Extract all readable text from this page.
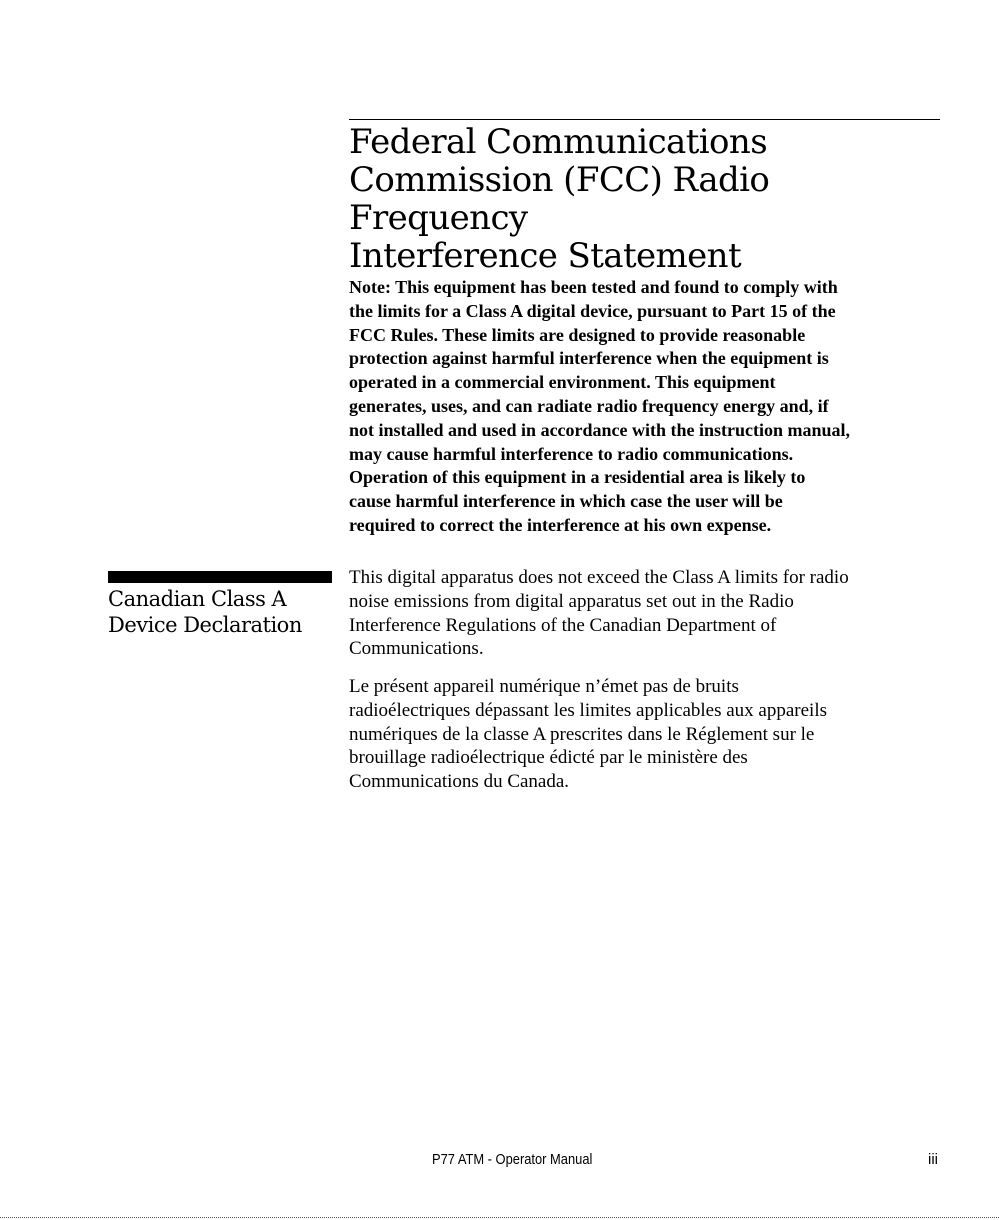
Federal Communications
Commission (FCC) Radio Frequency
Interference Statement

Note: This equipment has been tested and found to comply with
the limits for a Class A digital device, pursuant to Part 15 of the
FCC Rules. These limits are designed to provide reasonable
protection against harmful interference when the equipment is
operated in a commercial environment. This equipment
generates, uses, and can radiate radio frequency energy and, if
not installed and used in accordance with the instruction manual,
may cause harmful interference to radio communications.
Operation of this equipment in a residential area is likely to
cause harmful interference in which case the user will be
required to correct the interference at his own expense.

Canadian Class A
Device Declaration

This digital apparatus does not exceed the Class A limits for radio
noise emissions from digital apparatus set out in the Radio
Interference Regulations of the Canadian Department of
Communications.

Le présent appareil numérique n’émet pas de bruits
radioélectriques dépassant les limites applicables aux appareils
numériques de la classe A prescrites dans le Réglement sur le
brouillage radioélectrique édicté par le ministère des
Communications du Canada.

P77 ATM - Operator Manual	iii
